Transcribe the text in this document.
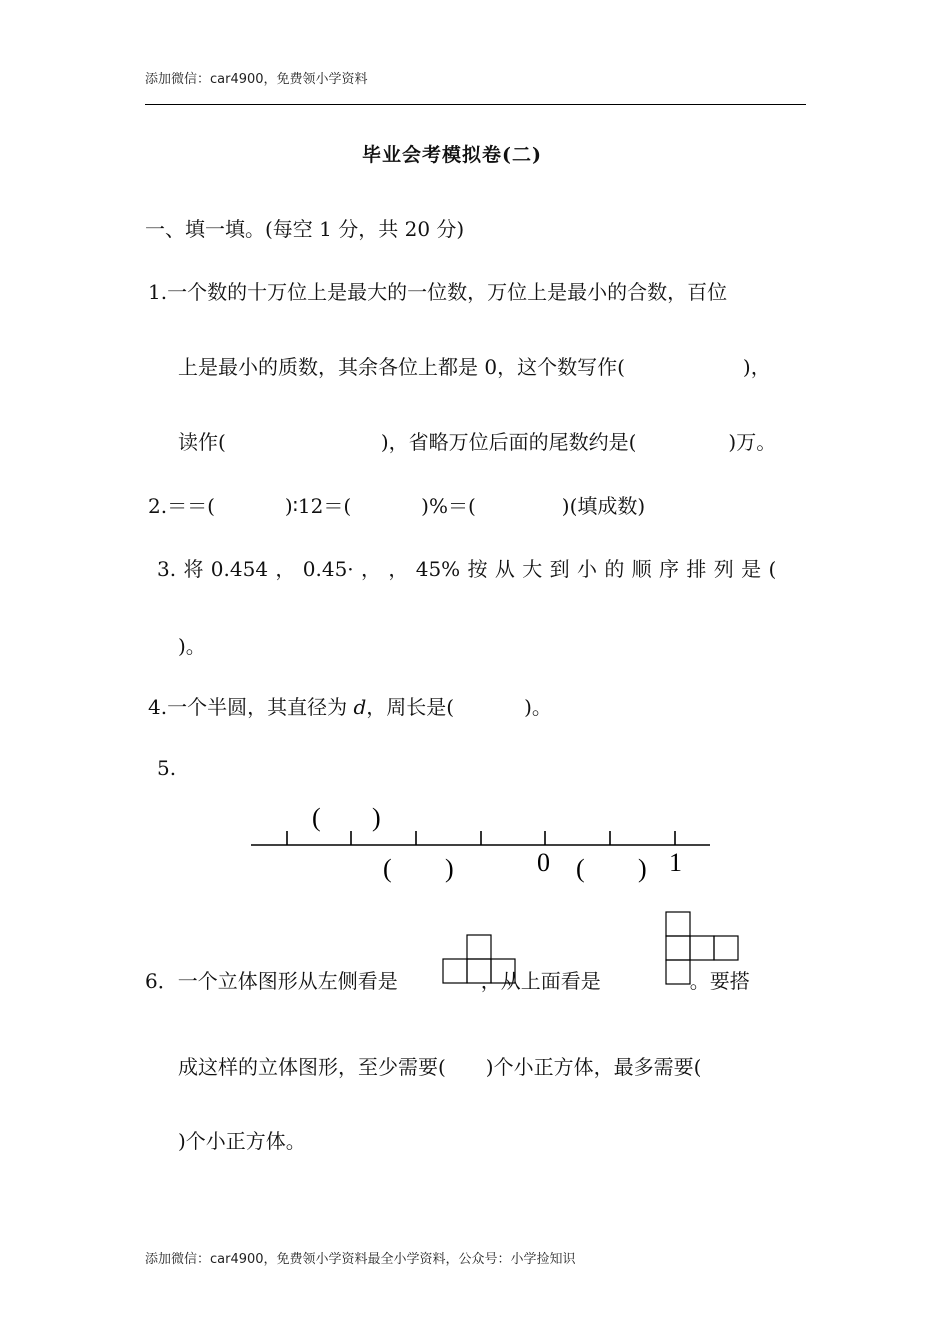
添加微信：car4900，免费领小学资料
毕业会考模拟卷(二)
一、填一填。(每空 1 分，共 20 分)
1.一个数的十万位上是最大的一位数，万位上是最小的合数，百位
上是最小的质数，其余各位上都是 0，这个数写作(	)，
读作(	)，省略万位后面的尾数约是(	)万。
2.＝＝(	)∶12＝(	)%＝(	)(填成数)
3. 将 0.454 ， 0.45· ， ， 45% 按 从 大 到 小 的 顺 序 排 列 是 (
)。
4.一个半圆，其直径为 d，周长是(	)。
5.
( )
( )	0 ( ) 1
6．一个立体图形从左侧看是	，从上面看是	。要搭
成这样的立体图形，至少需要(　　)个小正方体，最多需要(
)个小正方体。
添加微信：car4900，免费领小学资料最全小学资料，公众号：小学捡知识
